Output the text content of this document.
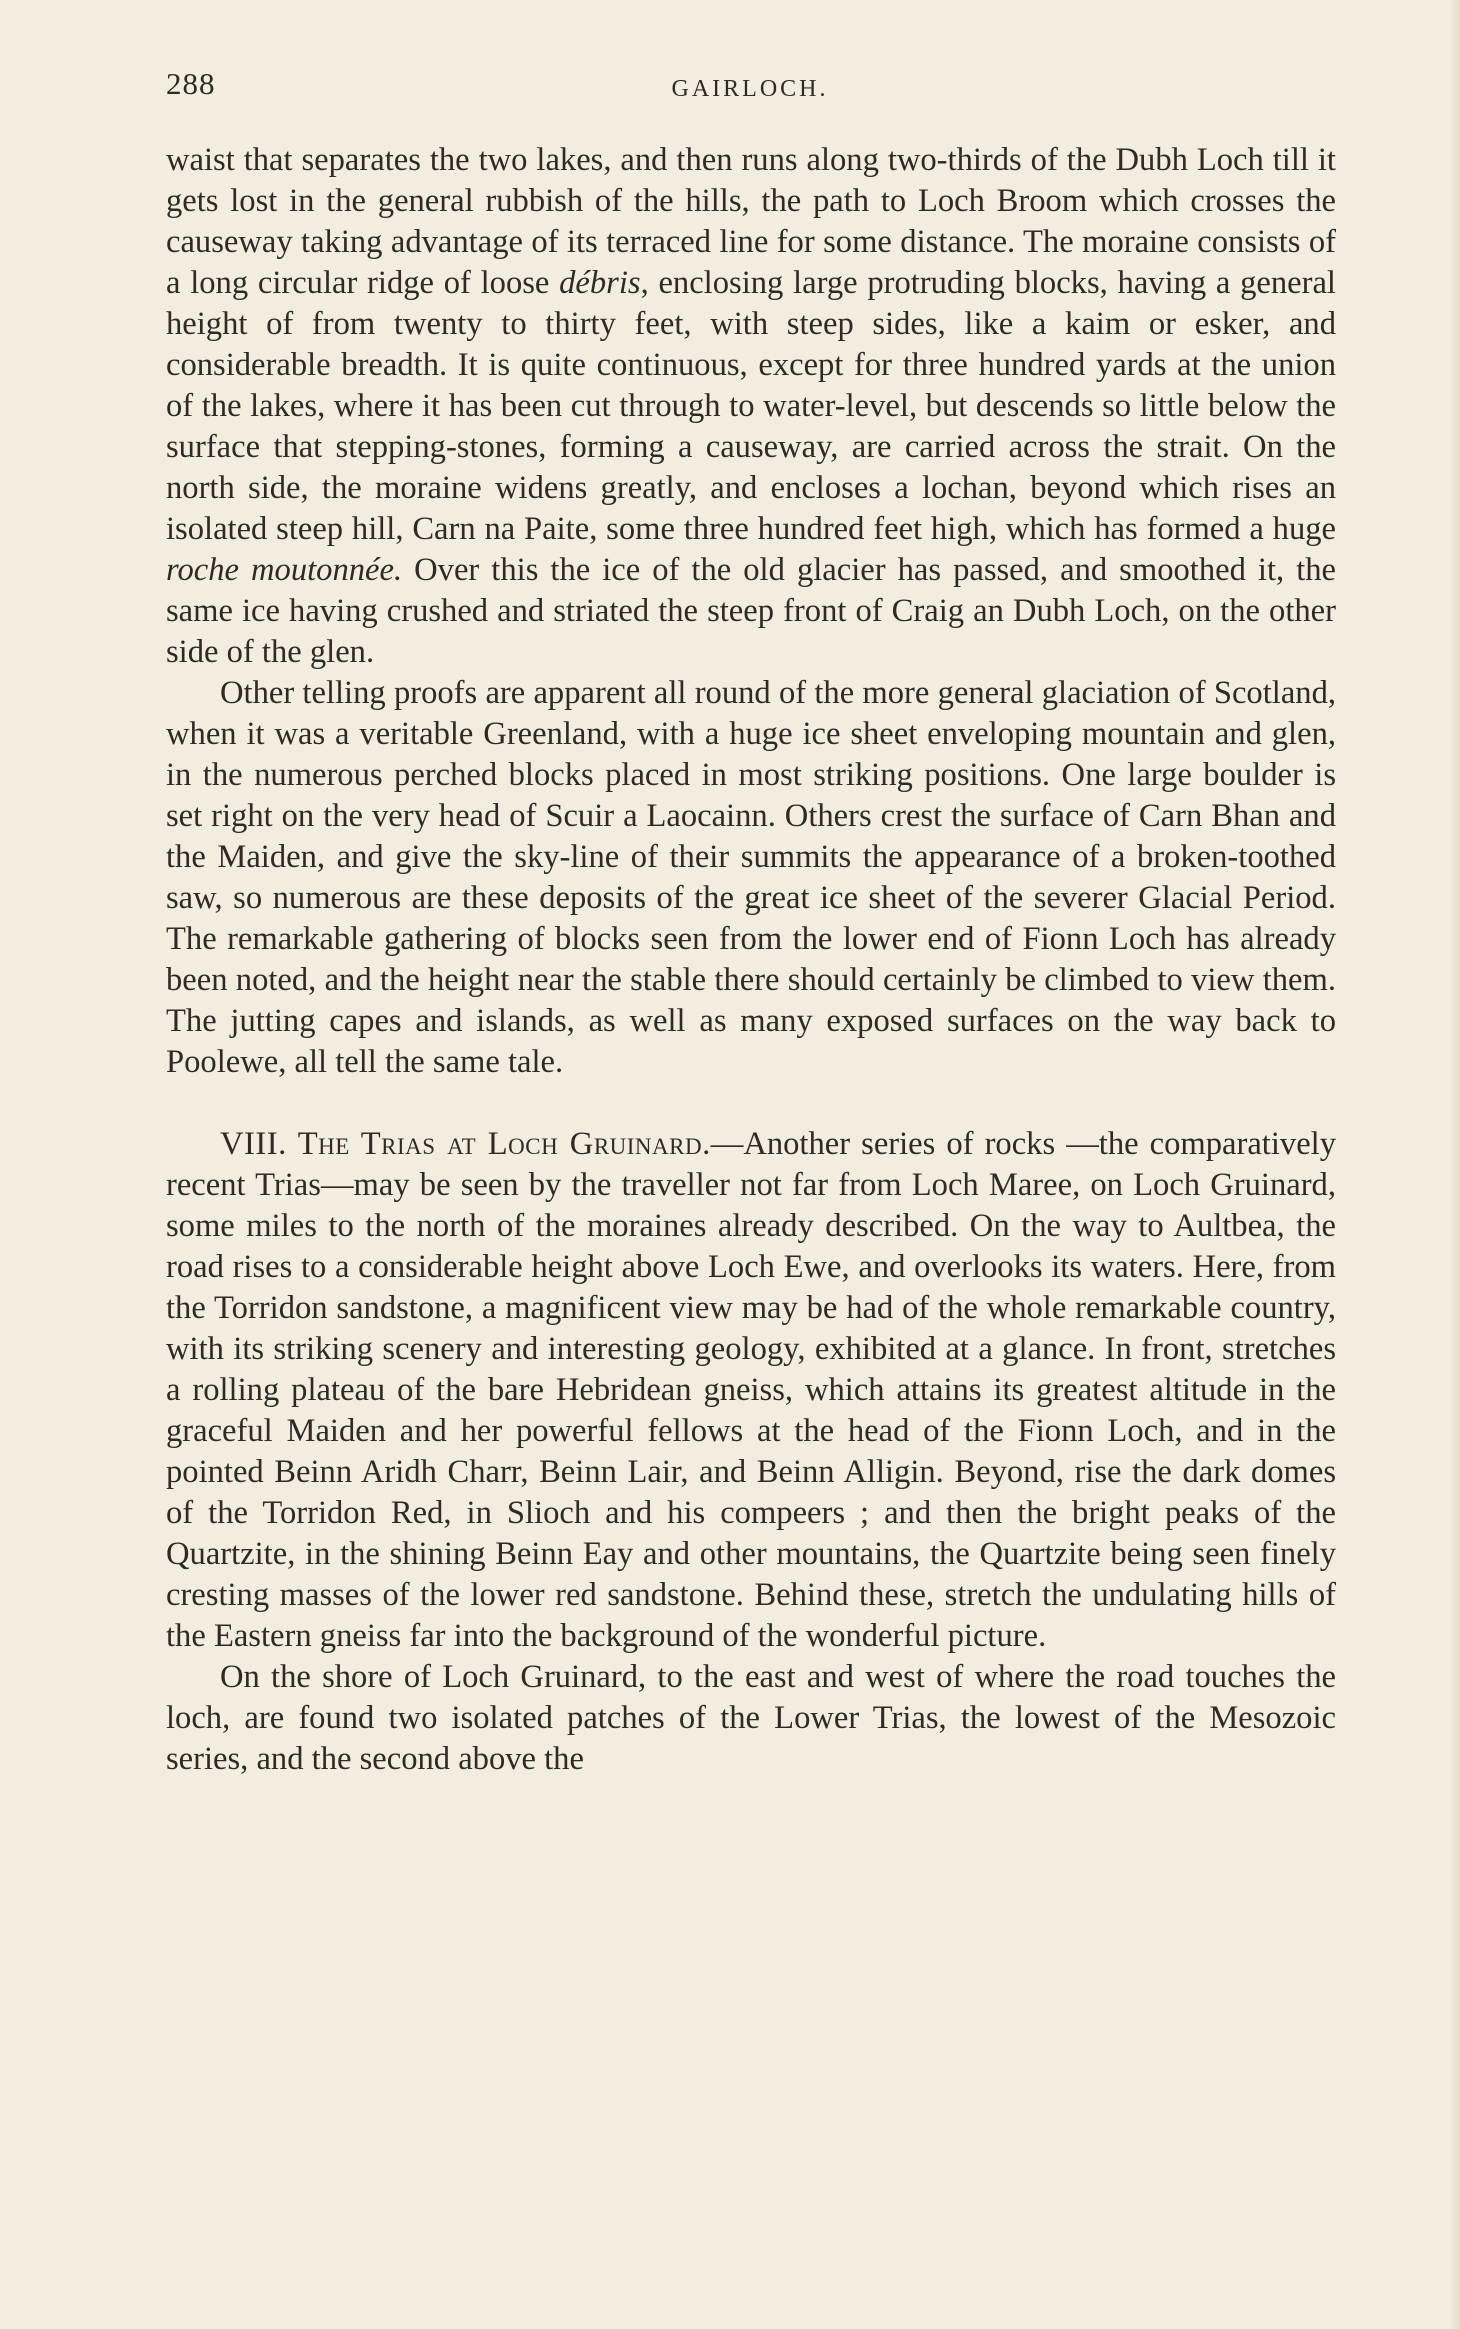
288	GAIRLOCH.

waist that separates the two lakes, and then runs along two-thirds of the Dubh Loch till it gets lost in the general rubbish of the hills, the path to Loch Broom which crosses the causeway taking advantage of its terraced line for some distance. The moraine consists of a long circular ridge of loose débris, enclosing large protruding blocks, having a general height of from twenty to thirty feet, with steep sides, like a kaim or esker, and considerable breadth. It is quite continuous, except for three hundred yards at the union of the lakes, where it has been cut through to water-level, but descends so little below the surface that stepping-stones, forming a causeway, are carried across the strait. On the north side, the moraine widens greatly, and encloses a lochan, beyond which rises an isolated steep hill, Carn na Paite, some three hundred feet high, which has formed a huge roche moutonnée. Over this the ice of the old glacier has passed, and smoothed it, the same ice having crushed and striated the steep front of Craig an Dubh Loch, on the other side of the glen.

Other telling proofs are apparent all round of the more general glaciation of Scotland, when it was a veritable Greenland, with a huge ice sheet enveloping mountain and glen, in the numerous perched blocks placed in most striking positions. One large boulder is set right on the very head of Scuir a Laocainn. Others crest the surface of Carn Bhan and the Maiden, and give the sky-line of their summits the appearance of a broken-toothed saw, so numerous are these deposits of the great ice sheet of the severer Glacial Period. The remarkable gathering of blocks seen from the lower end of Fionn Loch has already been noted, and the height near the stable there should certainly be climbed to view them. The jutting capes and islands, as well as many exposed surfaces on the way back to Poolewe, all tell the same tale.

VIII. The Trias at Loch Gruinard.—Another series of rocks —the comparatively recent Trias—may be seen by the traveller not far from Loch Maree, on Loch Gruinard, some miles to the north of the moraines already described. On the way to Aultbea, the road rises to a considerable height above Loch Ewe, and overlooks its waters. Here, from the Torridon sandstone, a magnificent view may be had of the whole remarkable country, with its striking scenery and interesting geology, exhibited at a glance. In front, stretches a rolling plateau of the bare Hebridean gneiss, which attains its greatest altitude in the graceful Maiden and her powerful fellows at the head of the Fionn Loch, and in the pointed Beinn Aridh Charr, Beinn Lair, and Beinn Alligin. Beyond, rise the dark domes of the Torridon Red, in Slioch and his compeers ; and then the bright peaks of the Quartzite, in the shining Beinn Eay and other mountains, the Quartzite being seen finely cresting masses of the lower red sandstone. Behind these, stretch the undulating hills of the Eastern gneiss far into the background of the wonderful picture.

On the shore of Loch Gruinard, to the east and west of where the road touches the loch, are found two isolated patches of the Lower Trias, the lowest of the Mesozoic series, and the second above the
